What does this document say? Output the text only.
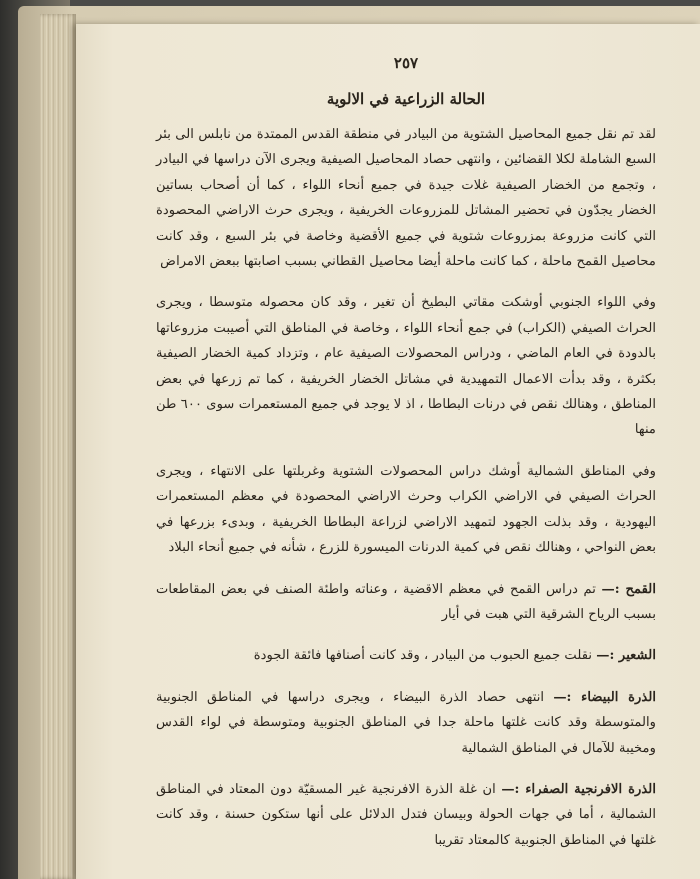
٢٥٧
الحالة الزراعية في الالوية

لقد تم نقل جميع المحاصيل الشتوية من البيادر في منطقة القدس الممتدة من نابلس الى بئر السبع الشاملة لكلا القضائين ، وانتهى حصاد المحاصيل الصيفية ويجرى الآن دراسها في البيادر ، وتجمع من الخضار الصيفية غلات جيدة في جميع أنحاء اللواء ، كما أن أصحاب بساتين الخضار يجدّون في تحضير المشاتل للمزروعات الخريفية ، ويجرى حرث الاراضي المحصودة التي كانت مزروعة بمزروعات شتوية في جميع الأقضية وخاصة في بئر السبع ، وقد كانت محاصيل القمح ماحلة ، كما كانت ماحلة أيضا محاصيل القطاني بسبب اصابتها ببعض الامراض

وفي اللواء الجنوبي أوشكت مقاتي البطيخ أن تغير ، وقد كان محصوله متوسطا ، ويجرى الحراث الصيفي (الكراب) في جمع أنحاء اللواء ، وخاصة في المناطق التي أصيبت مزروعاتها بالدودة في العام الماضي ، ودراس المحصولات الصيفية عام ، وتزداد كمية الخضار الصيفية بكثرة ، وقد بدأت الاعمال التمهيدية في مشاتل الخضار الخريفية ، كما تم زرعها في بعض المناطق ، وهنالك نقص في درنات البطاطا ، اذ لا يوجد في جميع المستعمرات سوى ٦٠٠ طن منها

وفي المناطق الشمالية أوشك دراس المحصولات الشتوية وغربلتها على الانتهاء ، ويجرى الحراث الصيفي في الاراضي الكراب وحرث الاراضي المحصودة في معظم المستعمرات اليهودية ، وقد بذلت الجهود لتمهيد الاراضي لزراعة البطاطا الخريفية ، وبدىء بزرعها في بعض النواحي ، وهنالك نقص في كمية الدرنات الميسورة للزرع ، شأنه في جميع أنحاء البلاد

القمح :— تم دراس القمح في معظم الاقضية ، وعناته واطئة الصنف في بعض المقاطعات بسبب الرياح الشرقية التي هبت في أيار

الشعير :— نقلت جميع الحبوب من البيادر ، وقد كانت أصنافها فائقة الجودة

الذرة البيضاء :— انتهى حصاد الذرة البيضاء ، ويجرى دراسها في المناطق الجنوبية والمتوسطة وقد كانت غلتها ماحلة جدا في المناطق الجنوبية ومتوسطة في لواء القدس ومخيبة للآمال في المناطق الشمالية

الذرة الافرنجية الصفراء :— ان غلة الذرة الافرنجية غير المسقيّة دون المعتاد في المناطق الشمالية ، أما في جهات الحولة وبيسان فتدل الدلائل على أنها ستكون حسنة ، وقد كانت غلتها في المناطق الجنوبية كالمعتاد تقريبا
